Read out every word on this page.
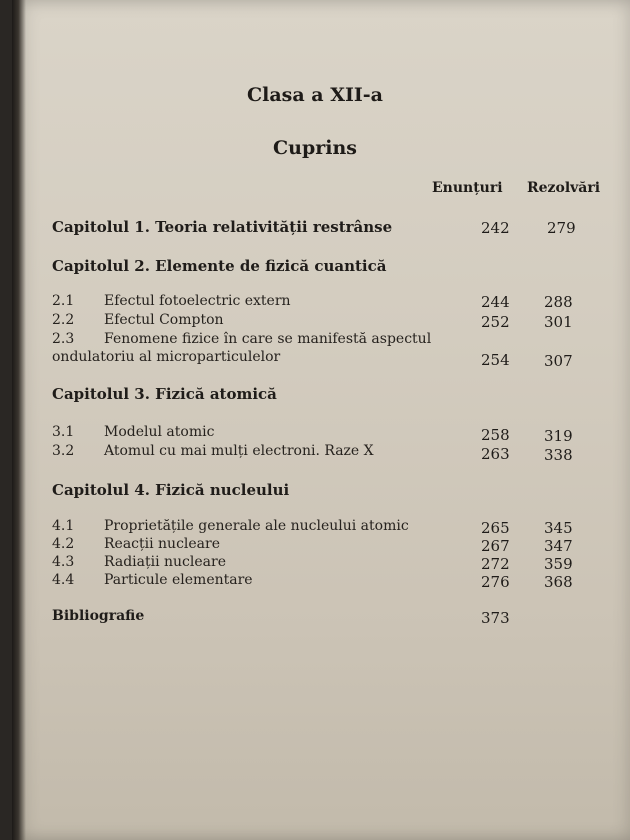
Clasa a XII-a
Cuprins
Enunțuri Rezolvări
Capitolul 1. Teoria relativității restrânse	242 279
Capitolul 2. Elemente de fizică cuantică
2.1 Efectul fotoelectric extern	244 288
2.2 Efectul Compton	252 301
2.3 Fenomene fizice în care se manifestă aspectul
ondulatoriu al microparticulelor	254 307
Capitolul 3. Fizică atomică
3.1 Modelul atomic	258 319
3.2 Atomul cu mai mulți electroni. Raze X	263 338
Capitolul 4. Fizică nucleului
4.1 Proprietățile generale ale nucleului atomic	265 345
4.2 Reacții nucleare	267 347
4.3 Radiații nucleare	272 359
4.4 Particule elementare	276 368
Bibliografie	373
